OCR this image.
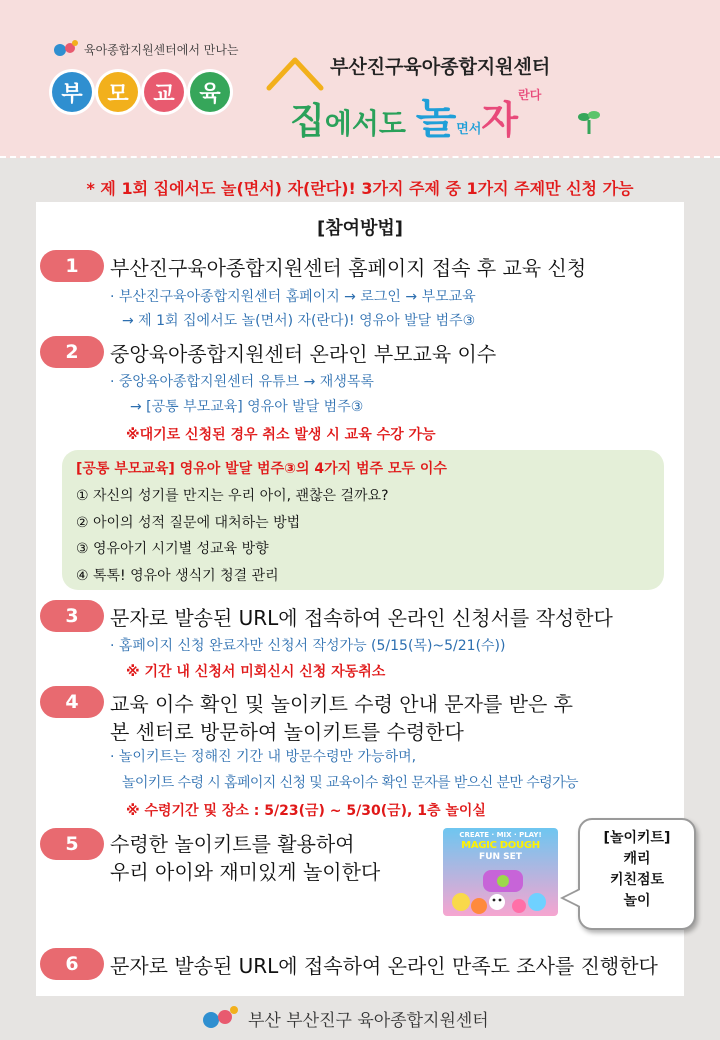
육아종합지원센터에서 만나는
부	모	교	육
부산진구육아종합지원센터
집에서도 놀면서자$^{란다}$
* 제 1회 집에서도 놀(면서) 자(란다)! 3가지 주제 중 1가지 주제만 신청 가능
[참여방법]
1	부산진구육아종합지원센터 홈페이지 접속 후 교육 신청
· 부산진구육아종합지원센터 홈페이지 → 로그인 → 부모교육
→ 제 1회 집에서도 놀(면서) 자(란다)! 영유아 발달 범주③
2	중앙육아종합지원센터 온라인 부모교육 이수
· 중앙육아종합지원센터 유튜브 → 재생목록
→ [공통 부모교육] 영유아 발달 범주③
※대기로 신청된 경우 취소 발생 시 교육 수강 가능
[공통 부모교육] 영유아 발달 범주③의 4가지 범주 모두 이수
① 자신의 성기를 만지는 우리 아이, 괜찮은 걸까요?
② 아이의 성적 질문에 대처하는 방법
③ 영유아기 시기별 성교육 방향
④ 톡톡! 영유아 생식기 청결 관리
3	문자로 발송된 URL에 접속하여 온라인 신청서를 작성한다
· 홈페이지 신청 완료자만 신청서 작성가능 (5/15(목)~5/21(수))
※ 기간 내 신청서 미회신시 신청 자동취소
4	교육 이수 확인 및 놀이키트 수령 안내 문자를 받은 후
본 센터로 방문하여 놀이키트를 수령한다
· 놀이키트는 정해진 기간 내 방문수령만 가능하며,
놀이키트 수령 시 홈페이지 신청 및 교육이수 확인 문자를 받으신 분만 수령가능
※ 수령기간 및 장소 : 5/23(금) ~ 5/30(금), 1층 놀이실
5	수령한 놀이키트를 활용하여
우리 아이와 재미있게 놀이한다
CREATE · MIX · PLAY!
MAGIC DOUGH
FUN SET
[놀이키트]
캐리
키친점토
놀이
6	문자로 발송된 URL에 접속하여 온라인 만족도 조사를 진행한다
부산 부산진구 육아종합지원센터
